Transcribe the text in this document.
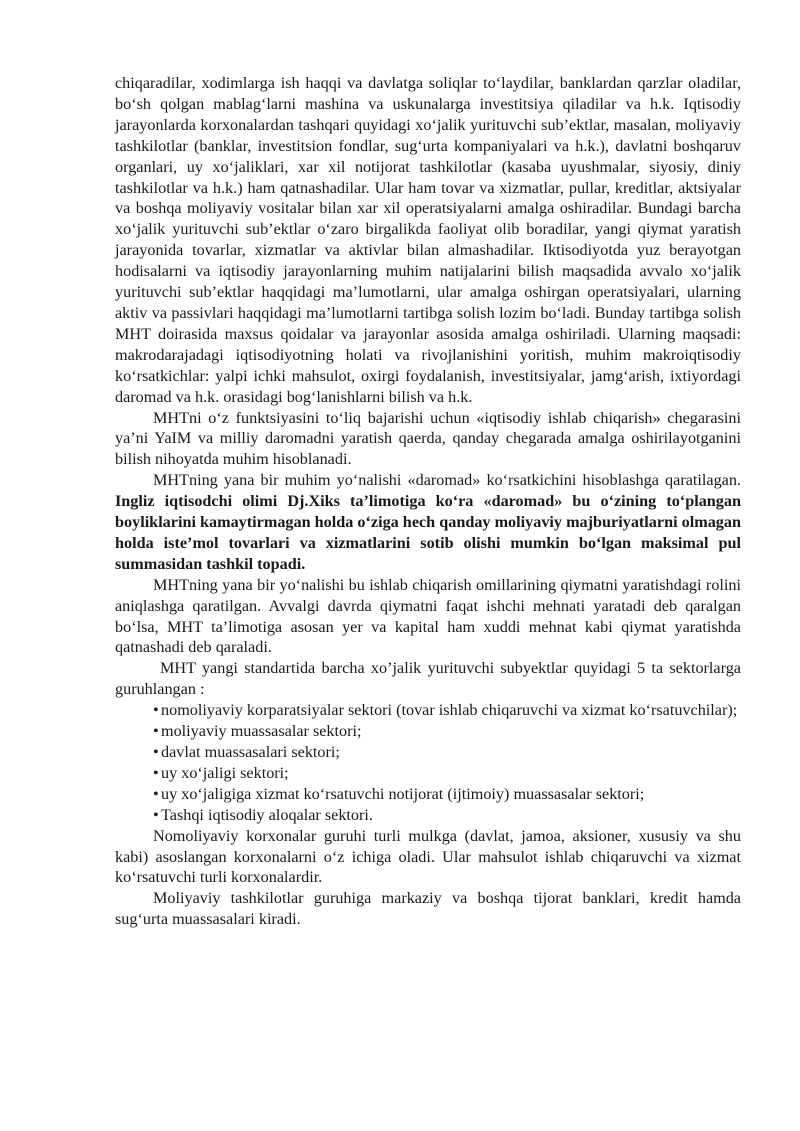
chiqaradilar, xodimlarga ish haqqi va davlatga soliqlar to‘laydilar, banklardan qarzlar oladilar, bo‘sh qolgan mablag‘larni mashina va uskunalarga investitsiya qiladilar va h.k. Iqtisodiy jarayonlarda korxonalardan tashqari quyidagi xo‘jalik yurituvchi sub’ektlar, masalan, moliyaviy tashkilotlar (banklar, investitsion fondlar, sug‘urta kompaniyalari va h.k.), davlatni boshqaruv organlari, uy xo‘jaliklari, xar xil notijorat tashkilotlar (kasaba uyushmalar, siyosiy, diniy tashkilotlar va h.k.) ham qatnashadilar. Ular ham tovar va xizmatlar, pullar, kreditlar, aktsiyalar va boshqa moliyaviy vositalar bilan xar xil operatsiyalarni amalga oshiradilar. Bundagi barcha xo‘jalik yurituvchi sub’ektlar o‘zaro birgalikda faoliyat olib boradilar, yangi qiymat yaratish jarayonida tovarlar, xizmatlar va aktivlar bilan almashadilar. Iktisodiyotda yuz berayotgan hodisalarni va iqtisodiy jarayonlarning muhim natijalarini bilish maqsadida avvalo xo‘jalik yurituvchi sub’ektlar haqqidagi ma’lumotlarni, ular amalga oshirgan operatsiyalari, ularning aktiv va passivlari haqqidagi ma’lumotlarni tartibga solish lozim bo‘ladi. Bunday tartibga solish MHT doirasida maxsus qoidalar va jarayonlar asosida amalga oshiriladi. Ularning maqsadi: makrodarajadagi iqtisodiyotning holati va rivojlanishini yoritish, muhim makroiqtisodiy ko‘rsatkichlar: yalpi ichki mahsulot, oxirgi foydalanish, investitsiyalar, jamg‘arish, ixtiyordagi daromad va h.k. orasidagi bog‘lanishlarni bilish va h.k.

MHTni o‘z funktsiyasini to‘liq bajarishi uchun «iqtisodiy ishlab chiqarish» chegarasini ya’ni YaIM va milliy daromadni yaratish qaerda, qanday chegarada amalga oshirilayotganini bilish nihoyatda muhim hisoblanadi.

MHTning yana bir muhim yo‘nalishi «daromad» ko‘rsatkichini hisoblashga qaratilagan. Ingliz iqtisodchi olimi Dj.Xiks ta’limotiga ko‘ra «daromad» bu o‘zining to‘plangan boyliklarini kamaytirmagan holda o‘ziga hech qanday moliyaviy majburiyatlarni olmagan holda iste’mol tovarlari va xizmatlarini sotib olishi mumkin bo‘lgan maksimal pul summasidan tashkil topadi.

MHTning yana bir yo‘nalishi bu ishlab chiqarish omillarining qiymatni yaratishdagi rolini aniqlashga qaratilgan. Avvalgi davrda qiymatni faqat ishchi mehnati yaratadi deb qaralgan bo‘lsa, MHT ta’limotiga asosan yer va kapital ham xuddi mehnat kabi qiymat yaratishda qatnashadi deb qaraladi.

MHT yangi standartida barcha xo’jalik yurituvchi subyektlar quyidagi 5 ta sektorlarga guruhlangan :

• nomoliyaviy korparatsiyalar sektori (tovar ishlab chiqaruvchi va xizmat ko‘rsatuvchilar);

• moliyaviy muassasalar sektori;

• davlat muassasalari sektori;

• uy xo‘jaligi sektori;

• uy xo‘jaligiga xizmat ko‘rsatuvchi notijorat (ijtimoiy) muassasalar sektori;

• Tashqi iqtisodiy aloqalar sektori.

Nomoliyaviy korxonalar guruhi turli mulkga (davlat, jamoa, aksioner, xususiy va shu kabi) asoslangan korxonalarni o‘z ichiga oladi. Ular mahsulot ishlab chiqaruvchi va xizmat ko‘rsatuvchi turli korxonalardir.

Moliyaviy tashkilotlar guruhiga markaziy va boshqa tijorat banklari, kredit hamda sug‘urta muassasalari kiradi.
